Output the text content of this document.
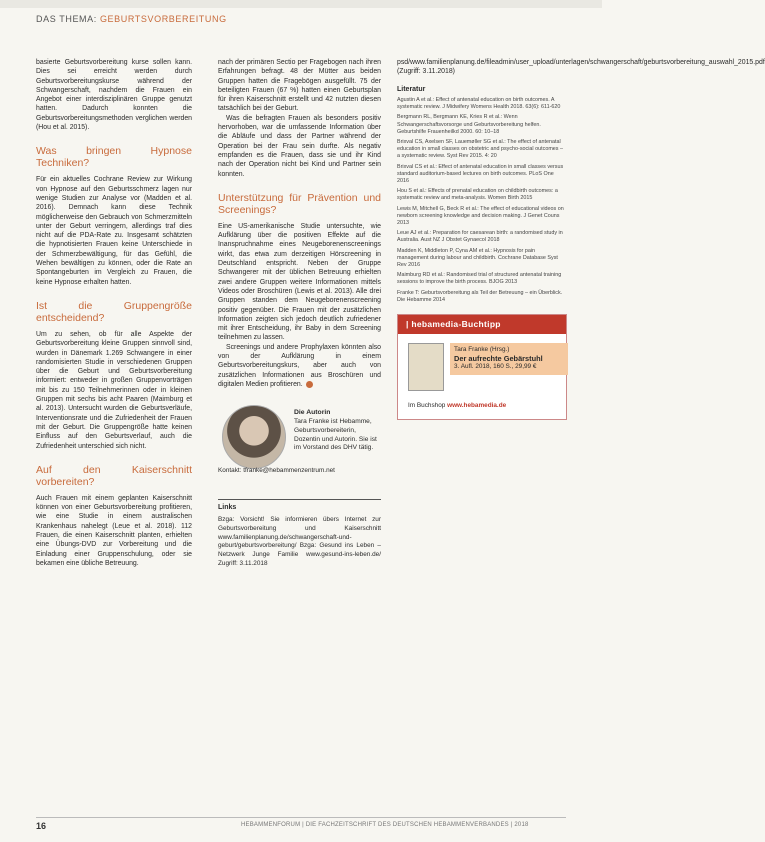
DAS THEMA: GEBURTSVORBEREITUNG

basierte Geburtsvorbereitung kurse sollen kann. Dies sei erreicht werden durch Geburtsvorbereitungskurse während der Schwangerschaft, nachdem die Frauen ein Angebot einer interdisziplinären Gruppe genutzt hatten. Dadurch konnten die Geburtsvorbereitungsmethoden verglichen werden (Hou et al. 2015).

Was bringen Hypnose Techniken?

Für ein aktuelles Cochrane Review zur Wirkung von Hypnose auf den Geburtsschmerz lagen nur wenige Studien zur Analyse vor (Madden et al. 2016). Demnach kann diese Technik möglicherweise den Gebrauch von Schmerzmitteln unter der Geburt verringern, allerdings traf dies nicht auf die PDA-Rate zu. Insgesamt schätzten die hypnotisierten Frauen keine Unterschiede in der Schmerzbewältigung, für das Gefühl, die Wehen bewältigen zu können, oder die Rate an Spontangeburten im Vergleich zu Frauen, die keine Hypnose erhalten hatten.

Ist die Gruppengröße entscheidend?

Um zu sehen, ob für alle Aspekte der Geburtsvorbereitung kleine Gruppen sinnvoll sind, wurden in Dänemark 1.269 Schwangere in einer randomisierten Studie in verschiedenen Gruppen über die Geburt und Geburtsvorbereitung informiert: entweder in großen Gruppenvorträgen mit bis zu 150 Teilnehmerinnen oder in kleinen Gruppen mit sechs bis acht Paaren (Maimburg et al. 2013). Untersucht wurden die Geburtsverläufe, Interventionsrate und die Zufriedenheit der Frauen mit der Geburt. Die Gruppengröße hatte keinen Einfluss auf den Geburtsverlauf, auch die Zufriedenheit unterschied sich nicht.

Auf den Kaiserschnitt vorbereiten?

Auch Frauen mit einem geplanten Kaiserschnitt können von einer Geburtsvorbereitung profitieren, wie eine Studie in einem australischen Krankenhaus nahelegt (Leue et al. 2018). 112 Frauen, die einen Kaiserschnitt planten, erhielten eine Übungs-DVD zur Vorbereitung und die Einladung einer Gruppenschulung, oder sie bekamen eine übliche Betreuung.

nach der primären Sectio per Fragebogen nach ihren Erfahrungen befragt. 48 der Mütter aus beiden Gruppen hatten die Fragebögen ausgefüllt. 75 der beteiligten Frauen (67 %) hatten einen Geburtsplan für ihren Kaiserschnitt erstellt und 42 nutzten diesen tatsächlich bei der Geburt.

Was die befragten Frauen als besonders positiv hervorhoben, war die umfassende Information über die Abläufe und dass der Partner während der Operation bei der Frau sein durfte. Als negativ empfanden es die Frauen, dass sie und ihr Kind nach der Operation nicht bei Kind und Partner sein konnten.

Unterstützung für Prävention und Screenings?

Eine US-amerikanische Studie untersuchte, wie Aufklärung über die positiven Effekte auf die Inanspruchnahme eines Neugeborenenscreenings wirkt, das etwa zum derzeitigen Hörscreening in Deutschland entspricht. Neben der Gruppe Schwangerer mit der üblichen Betreuung erhielten zwei andere Gruppen weitere Informationen mittels Videos oder Broschüren (Lewis et al. 2013). Alle drei Gruppen standen dem Neugeborenenscreening positiv gegenüber. Die Frauen mit der zusätzlichen Information zeigten sich jedoch deutlich zufriedener mit ihrer Entscheidung, ihr Baby in dem Screening teilnehmen zu lassen.

Screenings und andere Prophylaxen könnten also von der Aufklärung in einem Geburtsvorbereitungskurs, aber auch von zusätzlichen Informationen aus Broschüren und digitalen Medien profitieren.

Die Autorin
Tara Franke ist Hebamme, Geburtsvorbereiterin, Dozentin und Autorin. Sie ist im Vorstand des DHV tätig.
Kontakt: tfranke@hebammenzentrum.net
Links
Bzga: Vorsicht! Sie informieren übers Internet zur Geburtsvorbereitung und Kaiserschnitt www.familienplanung.de/schwangerschaft-und-geburt/geburtsvorbereitung/ Bzga: Gesund ins Leben – Netzwerk Junge Familie www.gesund-ins-leben.de/ Zugriff: 3.11.2018

psd/www.familienplanung.de/fileadmin/user_upload/unterlagen/schwangerschaft/geburtsvorbereitung_auswahl_2015.pdf (Zugriff: 3.11.2018)

Literatur

Agustin A et al.: Effect of antenatal education on birth outcomes. A systematic review. J Midwifery Womens Health 2018. 63(6): 611-620

Bergmann RL, Bergmann KE, Kries R et al.: Wenn Schwangerschaftsvorsorge und Geburtsvorbereitung helfen. Geburtshilfe Frauenheilkd 2000. 60: 10–18

Brixval CS, Axelsen SF, Lauemøller SG et al.: The effect of antenatal education in small classes on obstetric and psycho-social outcomes – a systematic review. Syst Rev 2015. 4: 20

Brixval CS et al.: Effect of antenatal education in small classes versus standard auditorium-based lectures on birth outcomes. PLoS One 2016

Hou S et al.: Effects of prenatal education on childbirth outcomes: a systematic review and meta-analysis. Women Birth 2015

Lewis M, Mitchell G, Beck R et al.: The effect of educational videos on newborn screening knowledge and decision making. J Genet Couns 2013

Leue AJ et al.: Preparation for caesarean birth: a randomised study in Australia. Aust NZ J Obstet Gynaecol 2018

Madden K, Middleton P, Cyna AM et al.: Hypnosis for pain management during labour and childbirth. Cochrane Database Syst Rev 2016

Maimburg RD et al.: Randomised trial of structured antenatal training sessions to improve the birth process. BJOG 2013

Franke T: Geburtsvorbereitung als Teil der Betreuung – ein Überblick. Die Hebamme 2014

| hebamedia-Buchtipp
Tara Franke (Hrsg.)
Der aufrechte Gebärstuhl
3. Aufl. 2018, 160 S., 29,99 €
Im Buchshop www.hebamedia.de
16	HEBAMMENFORUM | DIE FACHZEITSCHRIFT DES DEUTSCHEN HEBAMMENVERBANDES | 2018
